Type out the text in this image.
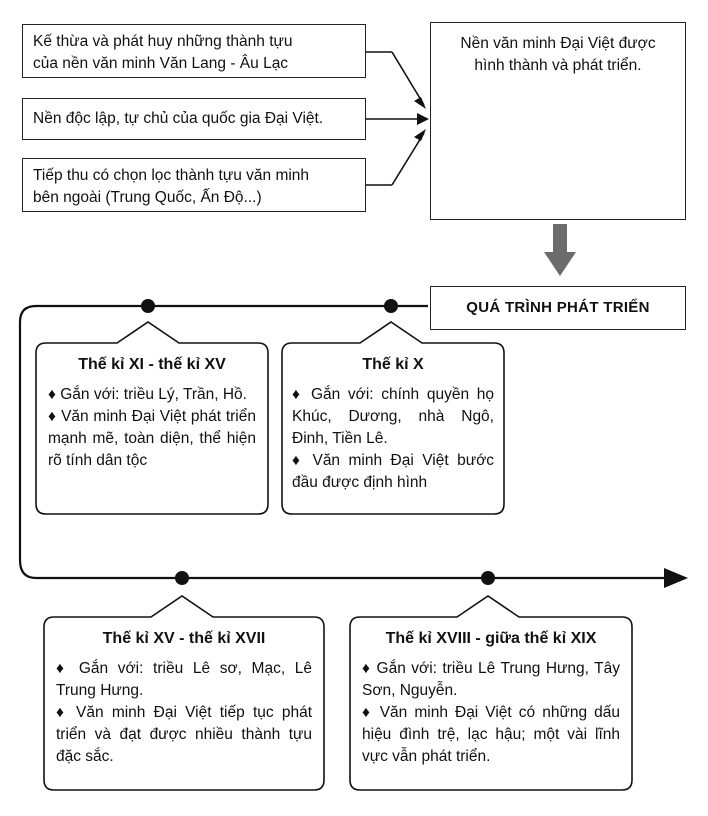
Kế thừa và phát huy những thành tựu

của nền văn minh Văn Lang - Âu Lạc

Nền độc lập, tự chủ của quốc gia Đại Việt.

Tiếp thu có chọn lọc thành tựu văn minh

bên ngoài (Trung Quốc, Ấn Độ...)

Nền văn minh Đại Việt được

hình thành và phát triển.

QUÁ TRÌNH PHÁT TRIỂN
Thế kỉ X

♦ Gắn với: chính quyền họ Khúc, Dương, nhà Ngô, Đinh, Tiền Lê.

♦ Văn minh Đại Việt bước đầu được định hình

Thế kỉ XI - thế kỉ XV

♦ Gắn với: triều Lý, Trần, Hồ.

♦ Văn minh Đại Việt phát triển mạnh mẽ, toàn diện, thể hiện rõ tính dân tộc

Thế kỉ XV - thế kỉ XVII

♦ Gắn với: triều Lê sơ, Mạc, Lê Trung Hưng.

♦ Văn minh Đại Việt tiếp tục phát triển và đạt được nhiều thành tựu đặc sắc.

Thế kỉ XVIII - giữa thế kỉ XIX

♦ Gắn với: triều Lê Trung Hưng, Tây Sơn, Nguyễn.

♦ Văn minh Đại Việt có những dấu hiệu đình trệ, lạc hậu; một vài lĩnh vực vẫn phát triển.
